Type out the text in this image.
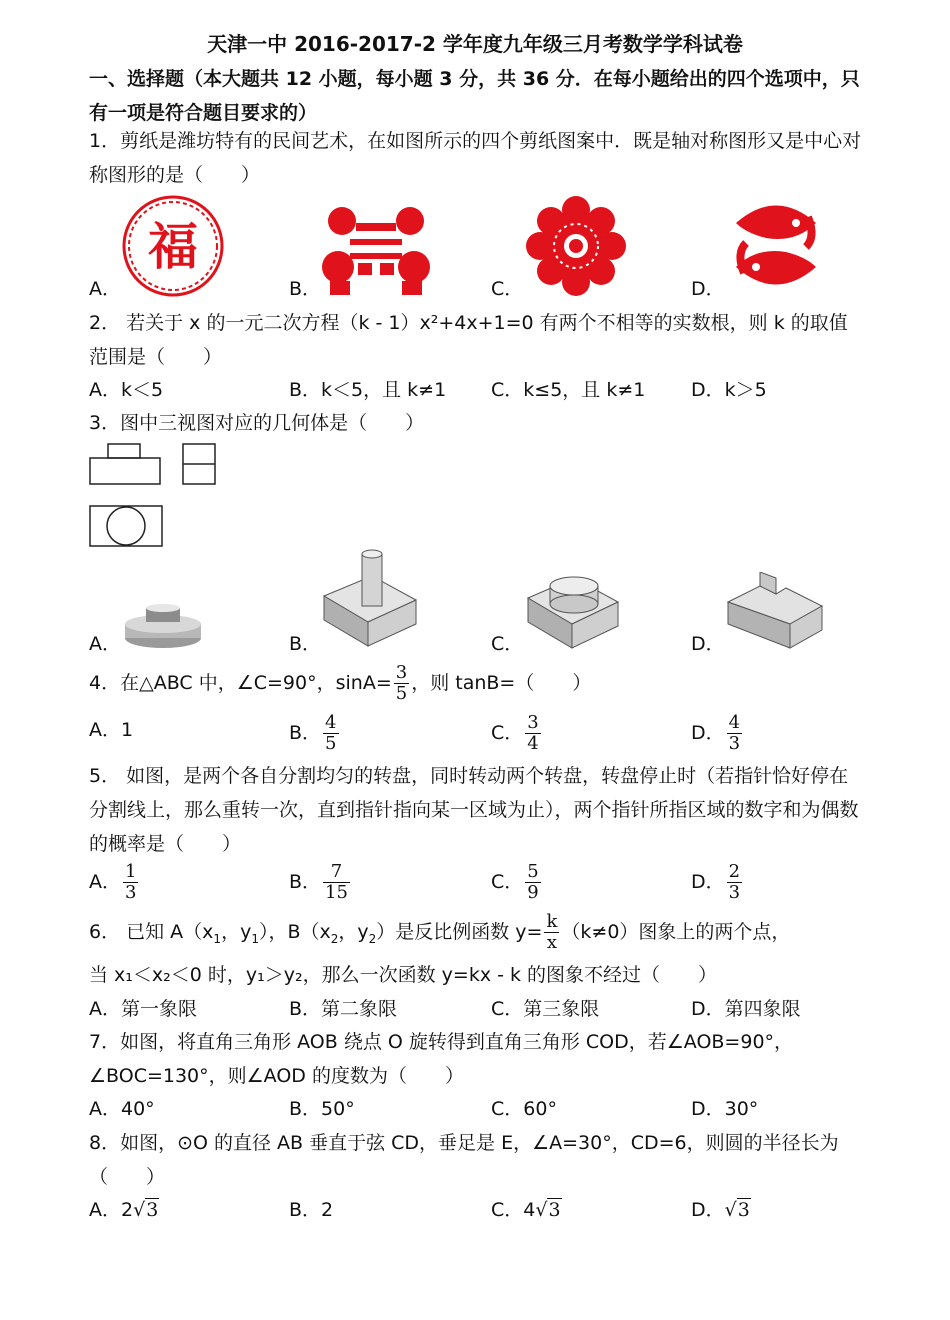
天津一中 2016-2017-2 学年度九年级三月考数学学科试卷
一、选择题（本大题共 12 小题，每小题 3 分，共 36 分．在每小题给出的四个选项中，只有一项是符合题目要求的）
1．剪纸是潍坊特有的民间艺术，在如图所示的四个剪纸图案中．既是轴对称图形又是中心对称图形的是（　　）
A．	B．	C．	D．
福
2． 若关于 x 的一元二次方程（k - 1）x²+4x+1=0 有两个不相等的实数根，则 k 的取值范围是（　　）
A．k＜5	B．k＜5，且 k≠1 C．k≤5，且 k≠1 D．k＞5
3．图中三视图对应的几何体是（　　）
A．	B．	C．	D．
4．在△ABC 中，∠C=90°，$\sin A= \frac{3}{5}$ ，则 tanB=（　　）
A．1	B． $\frac{4}{5}$	C． $\frac{3}{4}$	D． $\frac{4}{3}$
5． 如图，是两个各自分割均匀的转盘，同时转动两个转盘，转盘停止时（若指针恰好停在分割线上，那么重转一次，直到指针指向某一区域为止），两个指针所指区域的数字和为偶数的概率是（　　）
A． $\frac{1}{3}$	B． $\frac{7}{15}$	C． $\frac{5}{9}$	D． $\frac{2}{3}$
6． 已知 $A(x_1$，$y_1$），$B(x_2$，$y_2$）是反比例函数 $y= \frac{k}{x} (k\ne 0)$图象上的两个点，
当 x₁＜x₂＜0 时，y₁＞y₂，那么一次函数 y=kx - k 的图象不经过（　　）
A．第一象限	B．第二象限	C．第三象限	D．第四象限
7．如图，将直角三角形 AOB 绕点 O 旋转得到直角三角形 COD，若∠AOB=90°，∠BOC=130°，则∠AOD 的度数为（　　）
A．40°	B．50°	C．60°	D．30°
8．如图，⊙O 的直径 AB 垂直于弦 CD，垂足是 E，∠A=30°，CD=6，则圆的半径长为（　　）
A．2√3	B．2	C．4√3	D．√3
